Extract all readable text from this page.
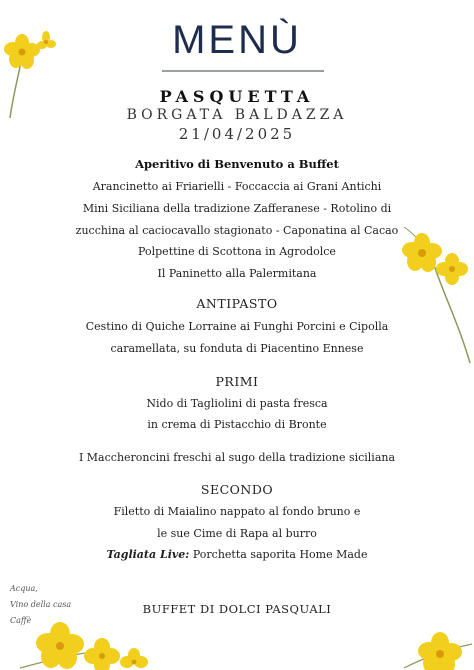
MENÙ
PASQUETTA
BORGATA BALDAZZA
21/04/2025
Aperitivo di Benvenuto a Buffet
Arancinetto ai Friarielli - Foccaccia ai Grani Antichi
Mini Siciliana della tradizione Zafferanese - Rotolino di
zucchina al caciocavallo stagionato - Caponatina al Cacao
Polpettine di Scottona in Agrodolce
Il Paninetto alla Palermitana
ANTIPASTO
Cestino di Quiche Lorraine ai Funghi Porcini e Cipolla
caramellata, su fonduta di Piacentino Ennese
PRIMI
Nido di Tagliolini di pasta fresca
in crema di Pistacchio di Bronte
I Maccheroncini freschi al sugo della tradizione siciliana
SECONDO
Filetto di Maialino nappato al fondo bruno e
le sue Cime di Rapa al burro
Tagliata Live: Porchetta saporita Home Made
BUFFET DI DOLCI PASQUALI
Acqua,
Vino della casa
Caffè
